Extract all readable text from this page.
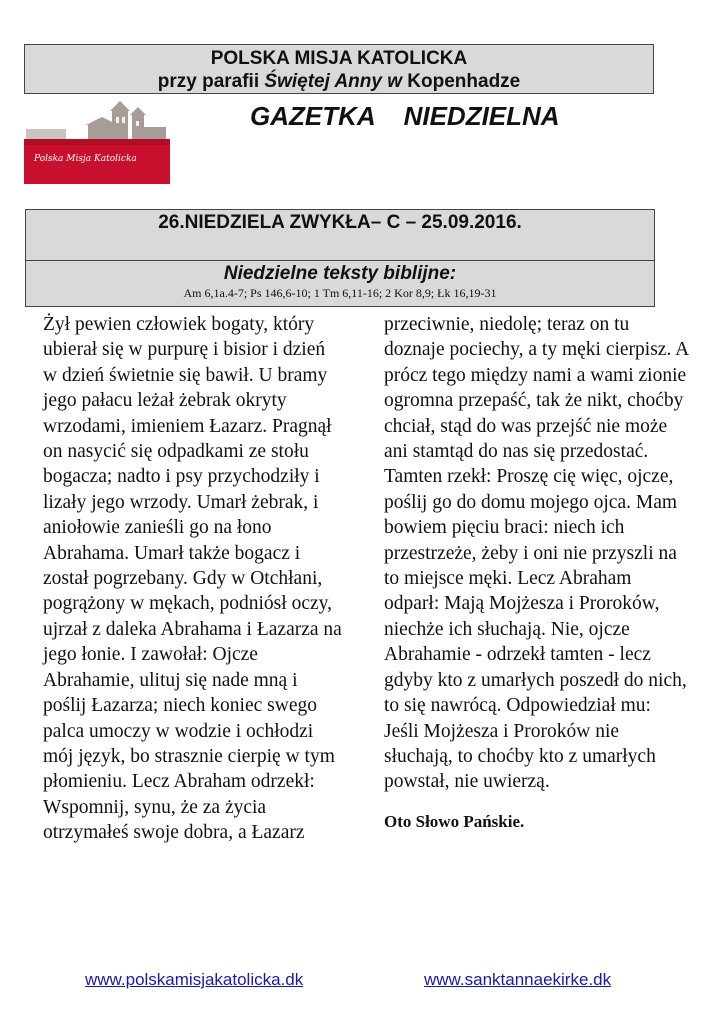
POLSKA MISJA KATOLICKA
przy parafii Świętej Anny w Kopenhadze
Polska Misja Katolicka
GAZETKA    NIEDZIELNA
26.NIEDZIELA ZWYKŁA– C – 25.09.2016.
Niedzielne teksty biblijne:
Am 6,1a.4-7; Ps 146,6-10; 1 Tm 6,11-16; 2 Kor 8,9; Łk 16,19-31

Żył pewien człowiek bogaty, który ubierał się w purpurę i bisior i dzień w dzień świetnie się bawił. U bramy jego pałacu leżał żebrak okryty wrzodami, imieniem Łazarz. Pragnął on nasycić się odpadkami ze stołu bogacza; nadto i psy przychodziły i lizały jego wrzody. Umarł żebrak, i aniołowie zanieśli go na łono Abrahama. Umarł także bogacz i został pogrzebany. Gdy w Otchłani, pogrążony w mękach, podniósł oczy, ujrzał z daleka Abrahama i Łazarza na jego łonie. I zawołał: Ojcze Abrahamie, ulituj się nade mną i poślij Łazarza; niech koniec swego palca umoczy w wodzie i ochłodzi mój język, bo strasznie cierpię w tym płomieniu. Lecz Abraham odrzekł: Wspomnij, synu, że za życia otrzymałeś swoje dobra, a Łazarz

przeciwnie, niedolę; teraz on tu doznaje pociechy, a ty męki cierpisz. A prócz tego między nami a wami zionie ogromna przepaść, tak że nikt, choćby chciał, stąd do was przejść nie może ani stamtąd do nas się przedostać. Tamten rzekł: Proszę cię więc, ojcze, poślij go do domu mojego ojca. Mam bowiem pięciu braci: niech ich przestrzeże, żeby i oni nie przyszli na to miejsce męki. Lecz Abraham odparł: Mają Mojżesza i Proroków, niechże ich słuchają. Nie, ojcze Abrahamie - odrzekł tamten - lecz gdyby kto z umarłych poszedł do nich, to się nawrócą. Odpowiedział mu: Jeśli Mojżesza i Proroków nie słuchają, to choćby kto z umarłych powstał, nie uwierzą.

Oto Słowo Pańskie.

www.polskamisjakatolicka.dk	www.sanktannaekirke.dk
